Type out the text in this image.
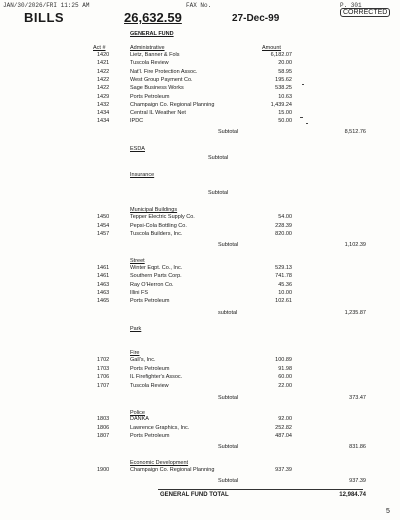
JAN/30/2026/FRI 11:25 AM	FAX No.	P. 301
BILLS	26,632.59	27-Dec-99
CORRECTED
GENERAL FUND
Act #	Amount
Administrative
1420	Lietz, Banner & Fols	6,182.07
1421	Tuscola Review	20.00
1422	Nat'l. Fire Protection Assoc.	58.95
1422	West Group Payment Co.	195.62
1422	Sage Business Works	538.25
1429	Ports Petroleum	10.63
1432	Champaign Co. Regional Planning	1,439.24
1434	Central IL Weather Net	15.00
1434	IPDC	50.00
Subtotal	8,512.76
ESDA
Subtotal
Insurance
Subtotal
Municipal Buildings
1450	Tepper Electric Supply Co.	54.00
1454	Pepsi-Cola Bottling Co.	228.39
1457	Tuscola Builders, Inc.	820.00
Subtotal	1,102.39
Street
1461	Winter Eqpt. Co., Inc.	529.13
1461	Southern Parts Corp.	741.78
1463	Ray O'Herron Co.	45.36
1463	Illini FS	10.00
1465	Ports Petroleum	102.61
subtotal	1,235.87
Park
Fire
1702	Gall's, Inc.	100.89
1703	Ports Petroleum	91.98
1706	IL Firefighter's Assoc.	60.00
1707	Tuscola Review	22.00
Subtotal	373.47
Police
1803	DANKA	92.00
1806	Lawrence Graphics, Inc.	252.82
1807	Ports Petroleum	487.04
Subtotal	831.86
Economic Development
1900	Champaign Co. Regional Planning	937.39
Subtotal	937.39
GENERAL FUND TOTAL	12,984.74
5
